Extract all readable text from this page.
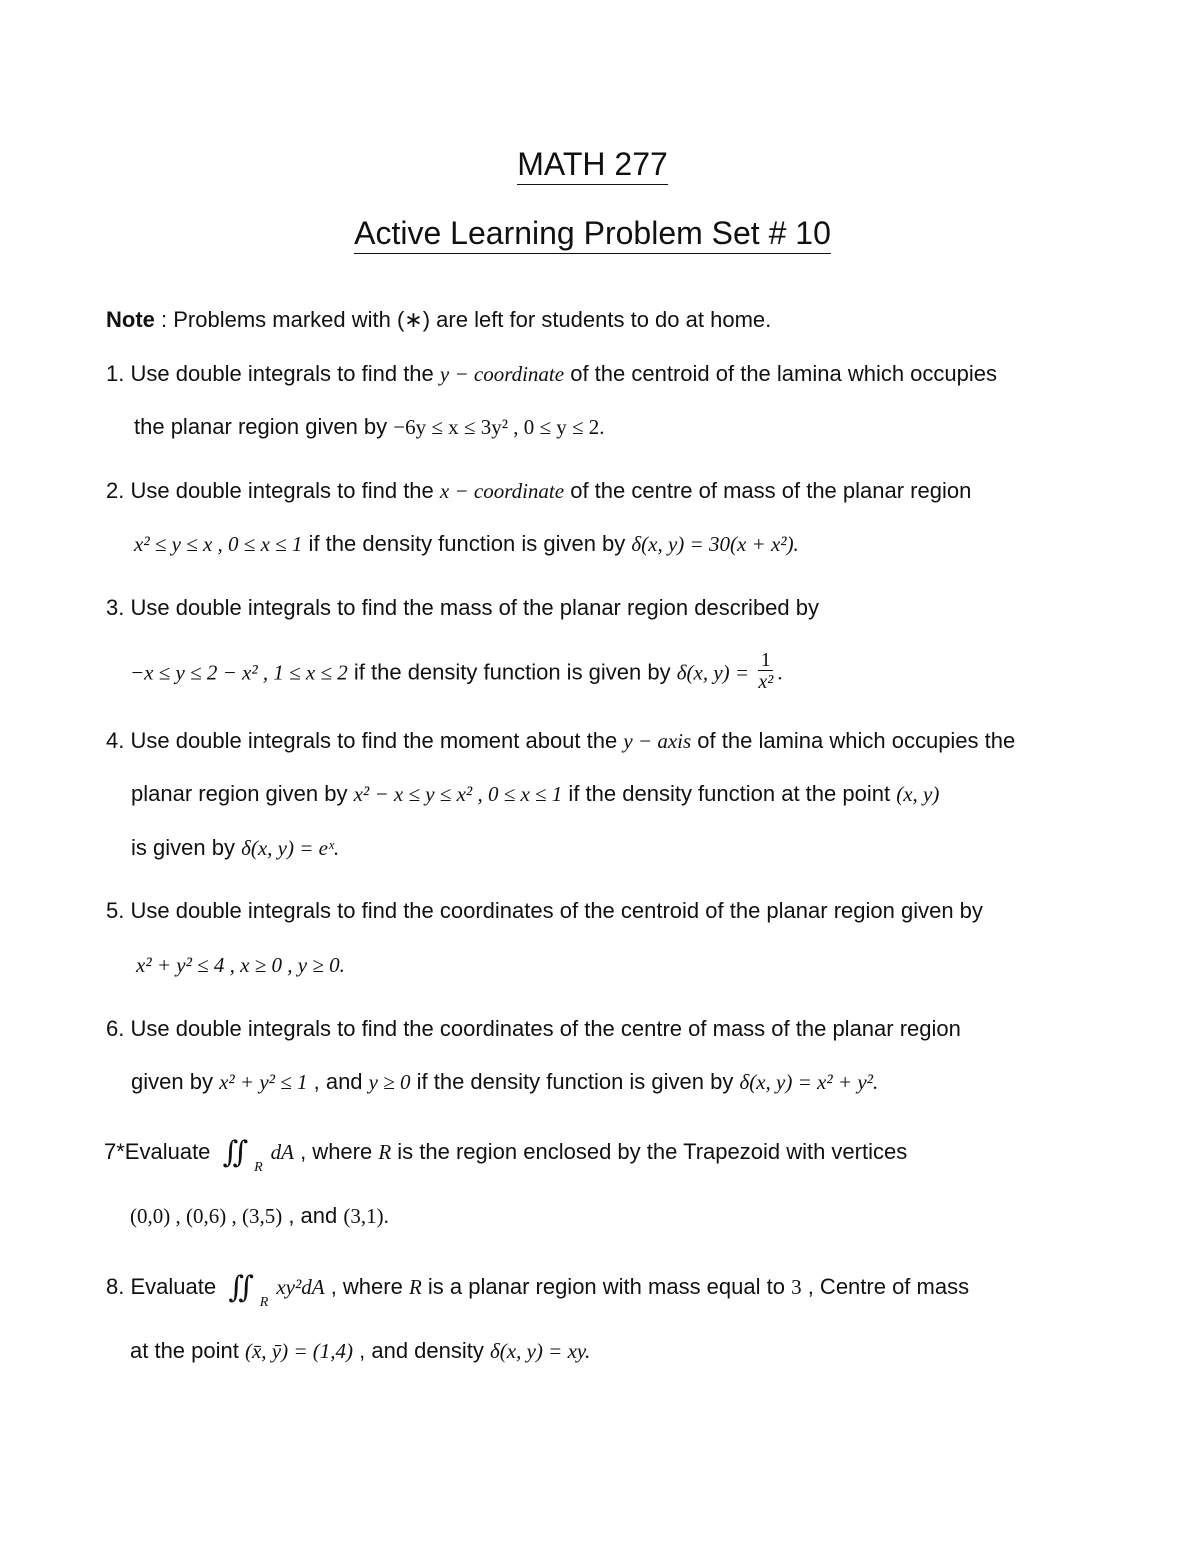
MATH 277
Active Learning Problem Set # 10
Note : Problems marked with (∗) are left for students to do at home.
1. Use double integrals to find the y − coordinate of the centroid of the lamina which occupies
the planar region given by −6y ≤ x ≤ 3y² , 0 ≤ y ≤ 2.
2. Use double integrals to find the x − coordinate of the centre of mass of the planar region
x² ≤ y ≤ x , 0 ≤ x ≤ 1 if the density function is given by δ(x, y) = 30(x + x²).
3. Use double integrals to find the mass of the planar region described by
−x ≤ y ≤ 2 − x² , 1 ≤ x ≤ 2 if the density function is given by δ(x, $y) = \frac{1}{\text{x²}}$ .
4. Use double integrals to find the moment about the y − axis of the lamina which occupies the
planar region given by x² − x ≤ y ≤ x² , 0 ≤ x ≤ 1 if the density function at the point (x, y)
is given by δ(x, y) = eˣ.
5. Use double integrals to find the coordinates of the centroid of the planar region given by
x² + y² ≤ 4 , x ≥ 0 , y ≥ 0.
6. Use double integrals to find the coordinates of the centre of mass of the planar region
given by x² + y² ≤ 1 , and y ≥ 0 if the density function is given by δ(x, y) = x² + y².
7*Evaluate ∬ $_R$dA , where R is the region enclosed by the Trapezoid with vertices
(0,0) , (0,6) , (3,5) , and (3,1).
8. Evaluate ∬ $_R$xy²dA , where R is a planar region with mass equal to 3 , Centre of mass
at the point (x̄, ȳ) = (1,4) , and density δ(x, y) = xy.
